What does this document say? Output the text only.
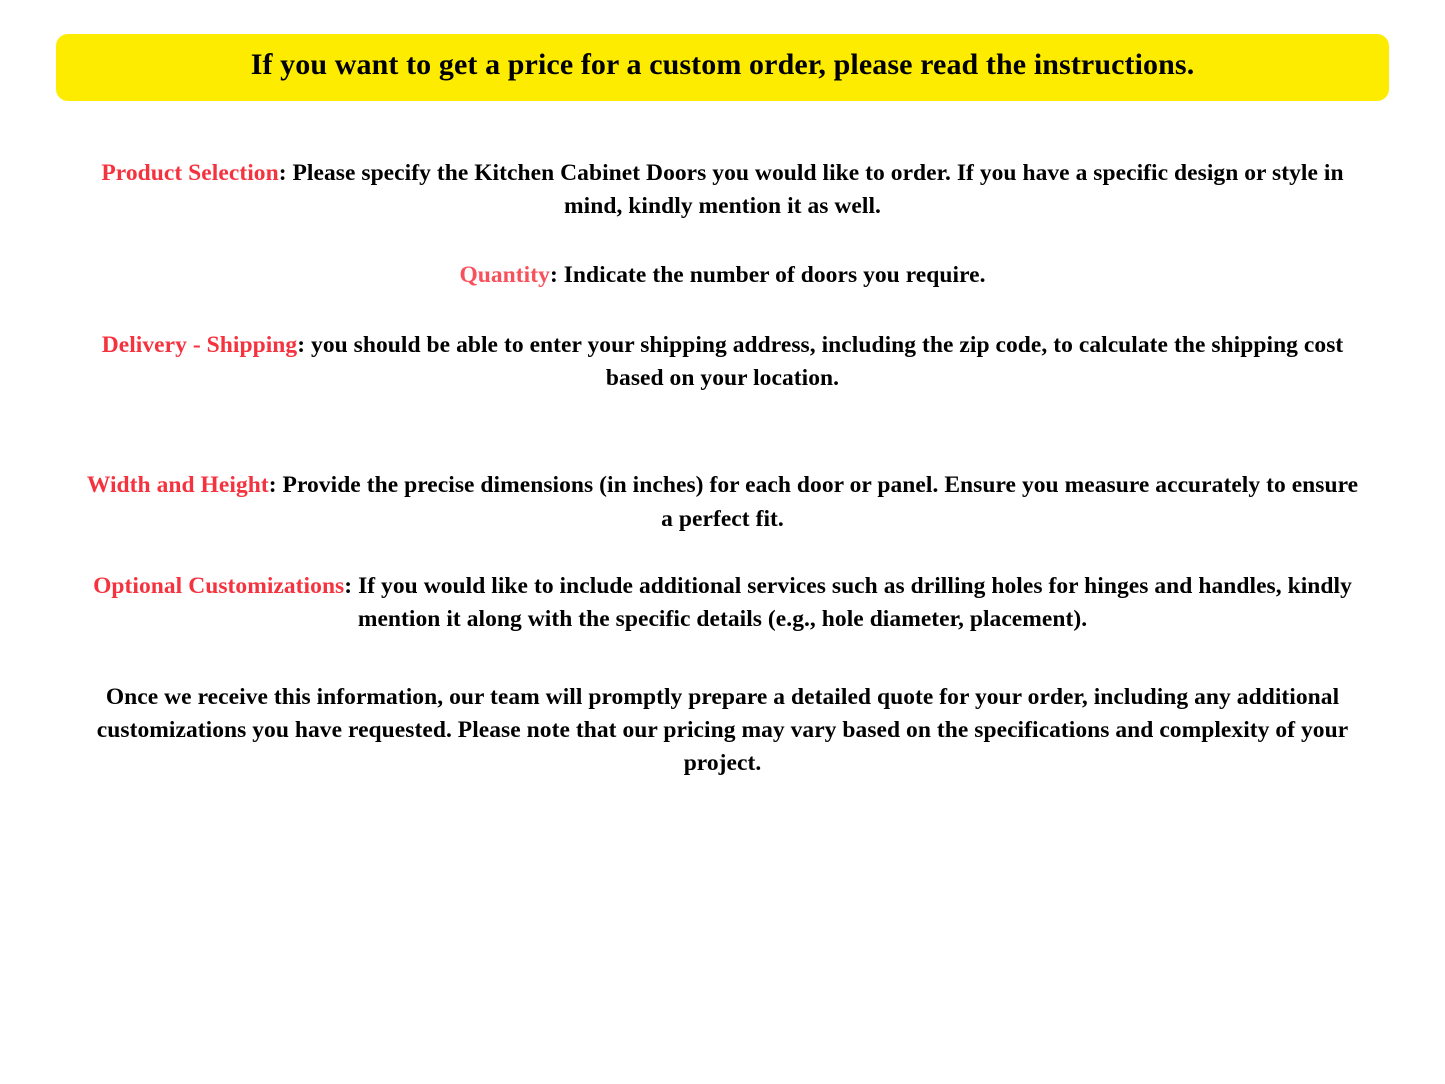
If you want to get a price for a custom order, please read the instructions.

Product Selection: Please specify the Kitchen Cabinet Doors you would like to order. If you have a specific design or style in mind, kindly mention it as well.

Quantity: Indicate the number of doors you require.

Delivery - Shipping: you should be able to enter your shipping address, including the zip code, to calculate the shipping cost based on your location.

Width and Height: Provide the precise dimensions (in inches) for each door or panel. Ensure you measure accurately to ensure a perfect fit.

Optional Customizations: If you would like to include additional services such as drilling holes for hinges and handles, kindly mention it along with the specific details (e.g., hole diameter, placement).

Once we receive this information, our team will promptly prepare a detailed quote for your order, including any additional customizations you have requested. Please note that our pricing may vary based on the specifications and complexity of your project.
